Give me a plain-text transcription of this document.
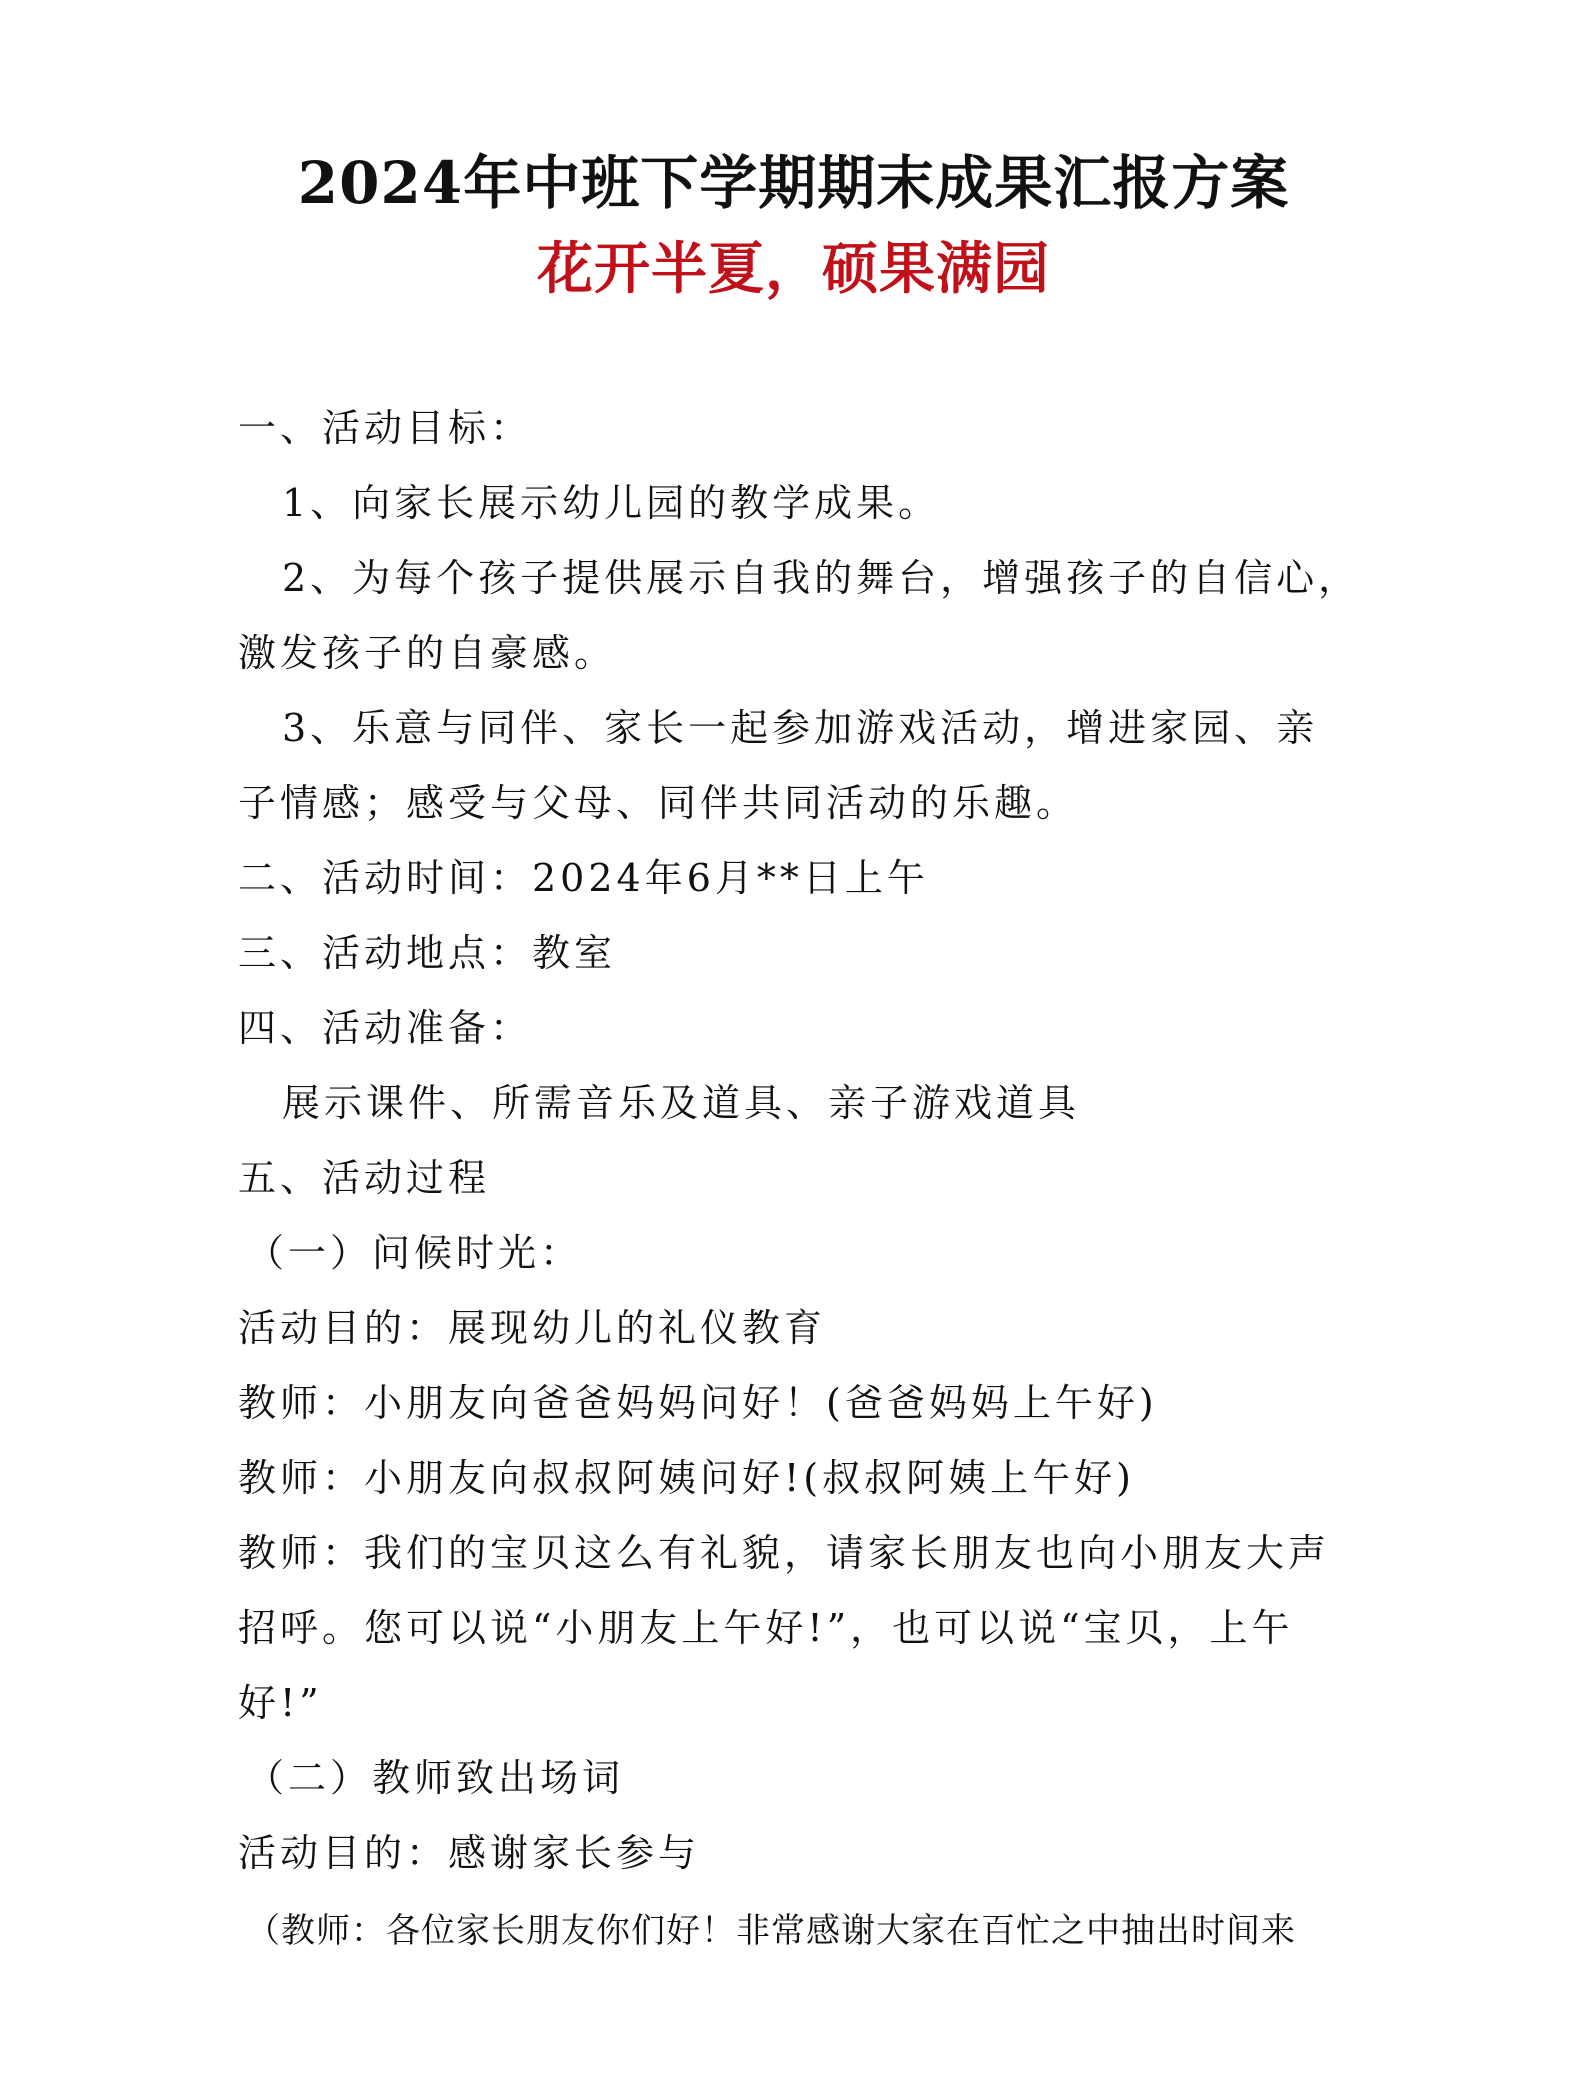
2024年中班下学期期末成果汇报方案
花开半夏，硕果满园
一、活动目标：
1、向家长展示幼儿园的教学成果。
2、为每个孩子提供展示自我的舞台，增强孩子的自信心，
激发孩子的自豪感。
3、乐意与同伴、家长一起参加游戏活动，增进家园、亲
子情感；感受与父母、同伴共同活动的乐趣。
二、活动时间：2024年6月**日上午
三、活动地点：教室
四、活动准备：
展示课件、所需音乐及道具、亲子游戏道具
五、活动过程
（一）问候时光：
活动目的：展现幼儿的礼仪教育
教师：小朋友向爸爸妈妈问好！(爸爸妈妈上午好)
教师：小朋友向叔叔阿姨问好!(叔叔阿姨上午好)
教师：我们的宝贝这么有礼貌，请家长朋友也向小朋友大声
招呼。您可以说“小朋友上午好!”，也可以说“宝贝，上午
好!”
（二）教师致出场词
活动目的：感谢家长参与
（教师：各位家长朋友你们好！非常感谢大家在百忙之中抽出时间来
